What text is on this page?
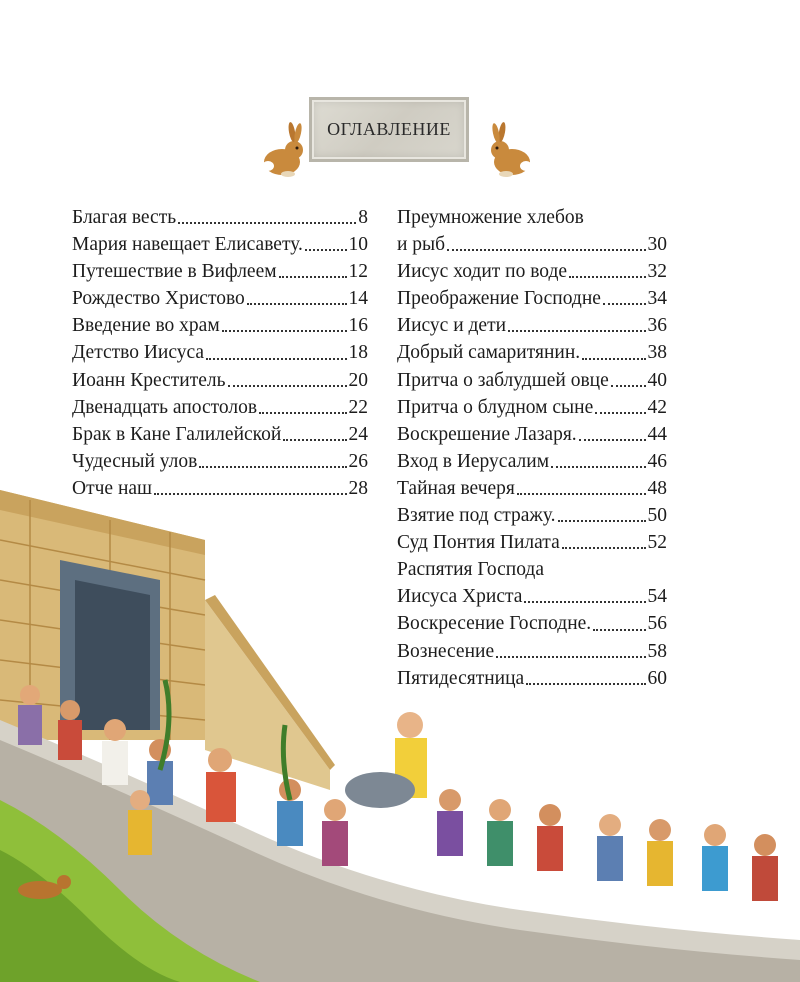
ОГЛАВЛЕНИЕ
Благая весть	8
Мария навещает Елисавету. 10
Путешествие в Вифлеем	12
Рождество Христово	14
Введение во храм	16
Детство Иисуса	18
Иоанн Креститель	20
Двенадцать апостолов	22
Брак в Кане Галилейской	24
Чудесный улов	26
Отче наш	28
Преумножение хлебов
и рыб	30
Иисус ходит по воде	32
Преображение Господне 34
Иисус и дети	36
Добрый самаритянин.	38
Притча о заблудшей овце 40
Притча о блудном сыне	42
Воскрешение Лазаря.	44
Вход в Иерусалим	46
Тайная вечеря	48
Взятие под стражу.	50
Суд Понтия Пилата	52
Распятия Господа
Иисуса Христа	54
Воскресение Господне.	56
Вознесение	58
Пятидесятница	60
